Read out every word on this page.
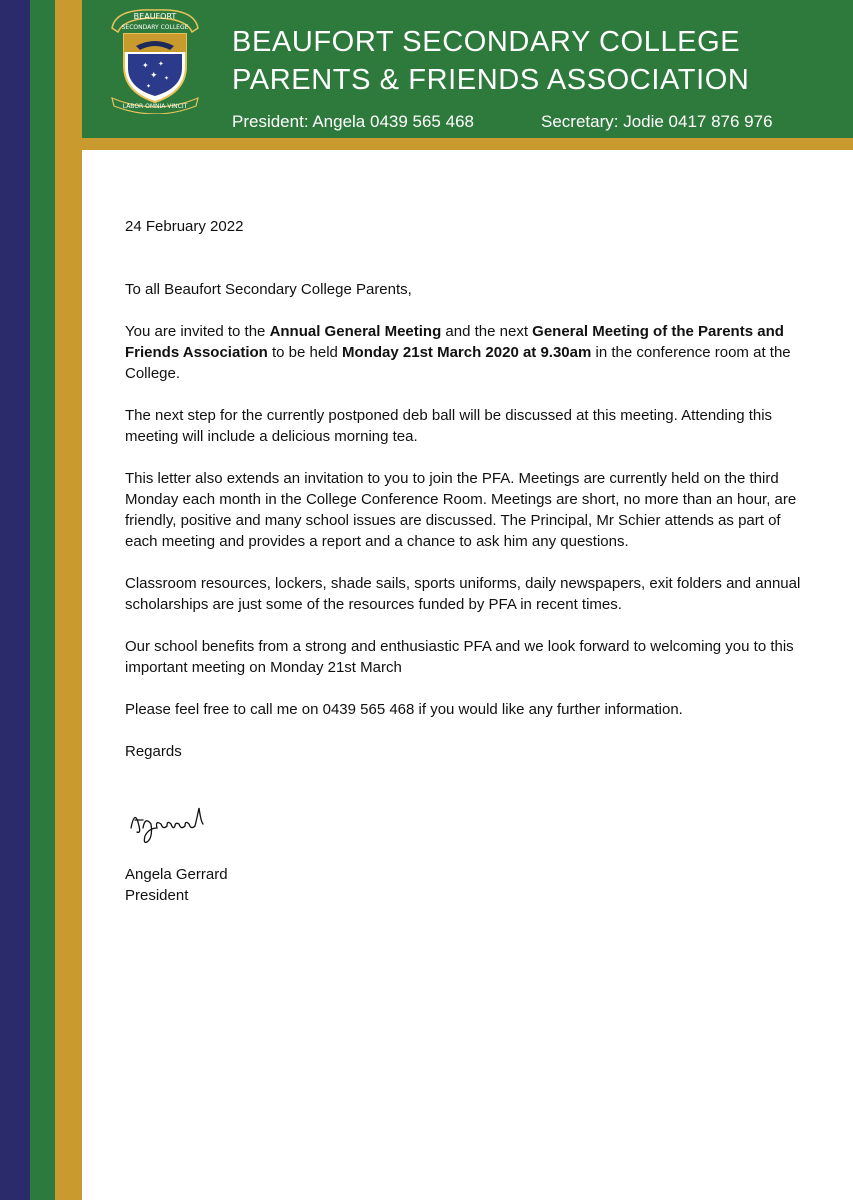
BEAUFORT
SECONDARY COLLEGE
✦ ✦
✦ ✦
✦
LABOR OMNIA VINCIT
BEAUFORT SECONDARY COLLEGE
PARENTS & FRIENDS ASSOCIATION
President: Angela 0439 565 468	Secretary: Jodie 0417 876 976

24 February 2022

To all Beaufort Secondary College Parents,

You are invited to the Annual General Meeting and the next General Meeting of the Parents and Friends Association to be held Monday 21st March 2020 at 9.30am in the conference room at the College.

The next step for the currently postponed deb ball will be discussed at this meeting. Attending this meeting will include a delicious morning tea.

This letter also extends an invitation to you to join the PFA. Meetings are currently held on the third Monday each month in the College Conference Room. Meetings are short, no more than an hour, are friendly, positive and many school issues are discussed. The Principal, Mr Schier attends as part of each meeting and provides a report and a chance to ask him any questions.

Classroom resources, lockers, shade sails, sports uniforms, daily newspapers, exit folders and annual scholarships are just some of the resources funded by PFA in recent times.

Our school benefits from a strong and enthusiastic PFA and we look forward to welcoming you to this important meeting on Monday 21st March

Please feel free to call me on 0439 565 468 if you would like any further information.

Regards

Angela Gerrard

President
